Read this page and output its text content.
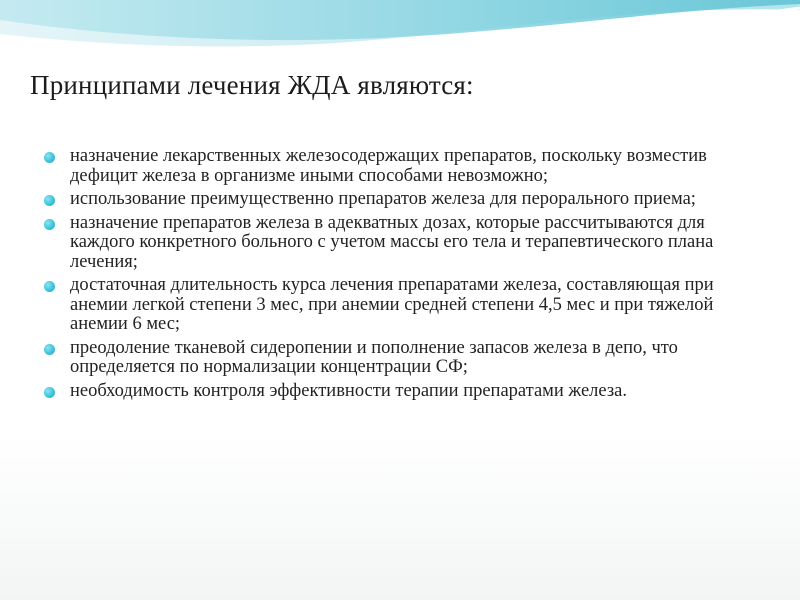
Принципами лечения ЖДА являются:
назначение лекарственных железосодержащих препаратов, поскольку возместив дефицит железа в организме иными способами невозможно;
использование преимущественно препаратов железа для перорального приема;
назначение препаратов железа в адекватных дозах, которые рассчитываются для каждого конкретного больного с учетом массы его тела и терапевтического плана лечения;
достаточная длительность курса лечения препаратами железа, составляющая при анемии легкой степени 3 мес, при анемии средней степени 4,5 мес и при тяжелой анемии 6 мес;
преодоление тканевой сидеропении и пополнение запасов железа в депо, что определяется по нормализации концентрации СФ;
необходимость контроля эффективности терапии препаратами железа.
